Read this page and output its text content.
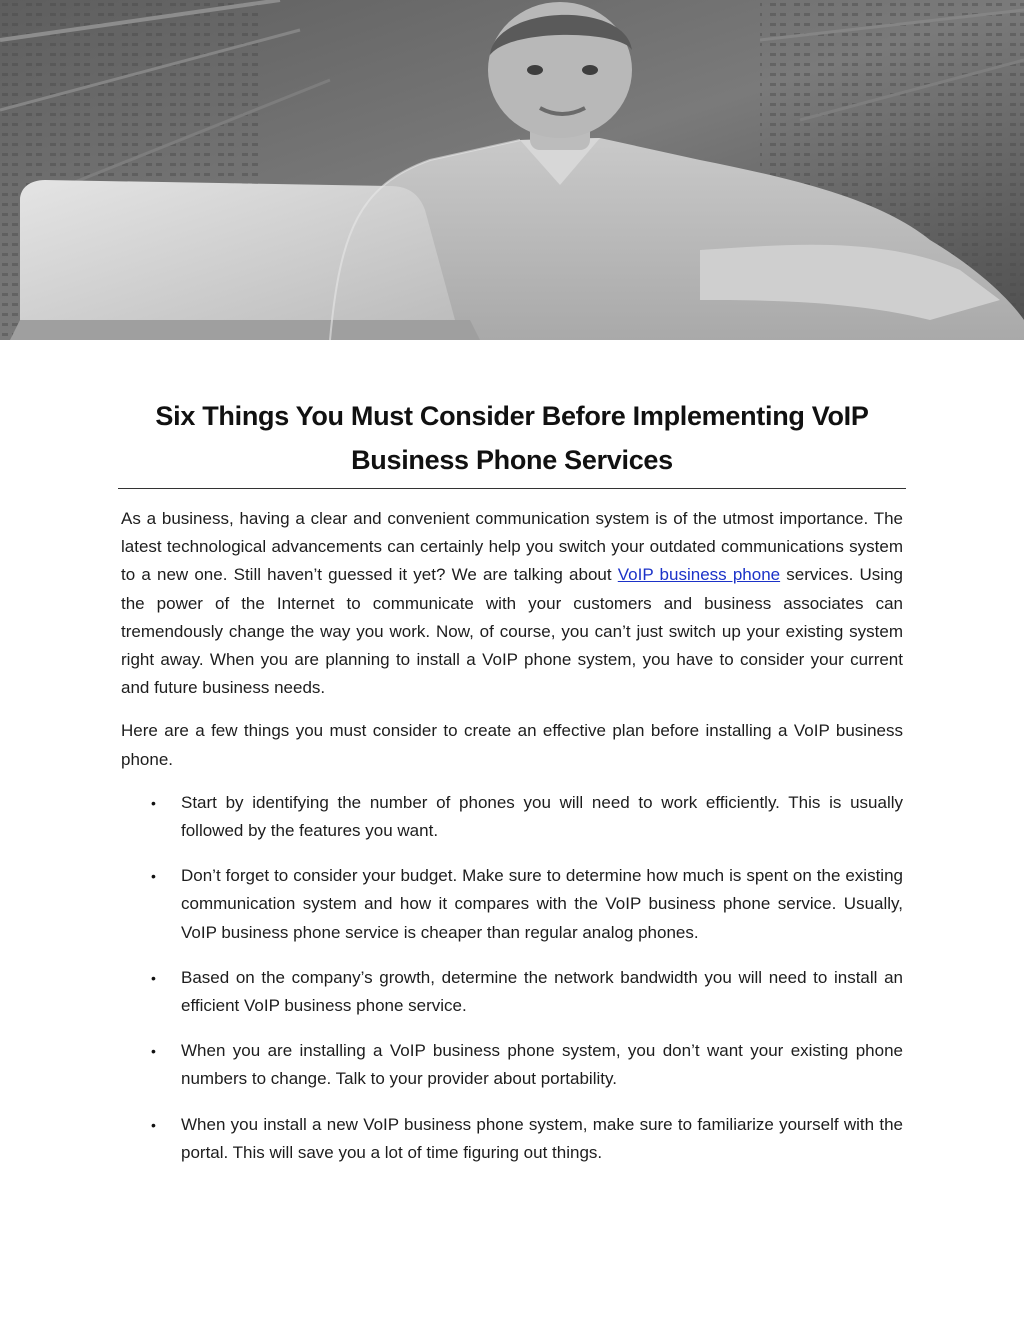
Six Things You Must Consider Before Implementing VoIP
Business Phone Services

As a business, having a clear and convenient communication system is of the utmost importance. The latest technological advancements can certainly help you switch your outdated communications system to a new one. Still haven’t guessed it yet? We are talking about VoIP business phone services. Using the power of the Internet to communicate with your customers and business associates can tremendously change the way you work. Now, of course, you can’t just switch up your existing system right away. When you are planning to install a VoIP phone system, you have to consider your current and future business needs.

Here are a few things you must consider to create an effective plan before installing a VoIP business phone.

• Start by identifying the number of phones you will need to work efficiently. This is usually followed by the features you want.
• Don’t forget to consider your budget. Make sure to determine how much is spent on the existing communication system and how it compares with the VoIP business phone service. Usually, VoIP business phone service is cheaper than regular analog phones.
• Based on the company’s growth, determine the network bandwidth you will need to install an efficient VoIP business phone service.
• When you are installing a VoIP business phone system, you don’t want your existing phone numbers to change. Talk to your provider about portability.
• When you install a new VoIP business phone system, make sure to familiarize yourself with the portal. This will save you a lot of time figuring out things.
